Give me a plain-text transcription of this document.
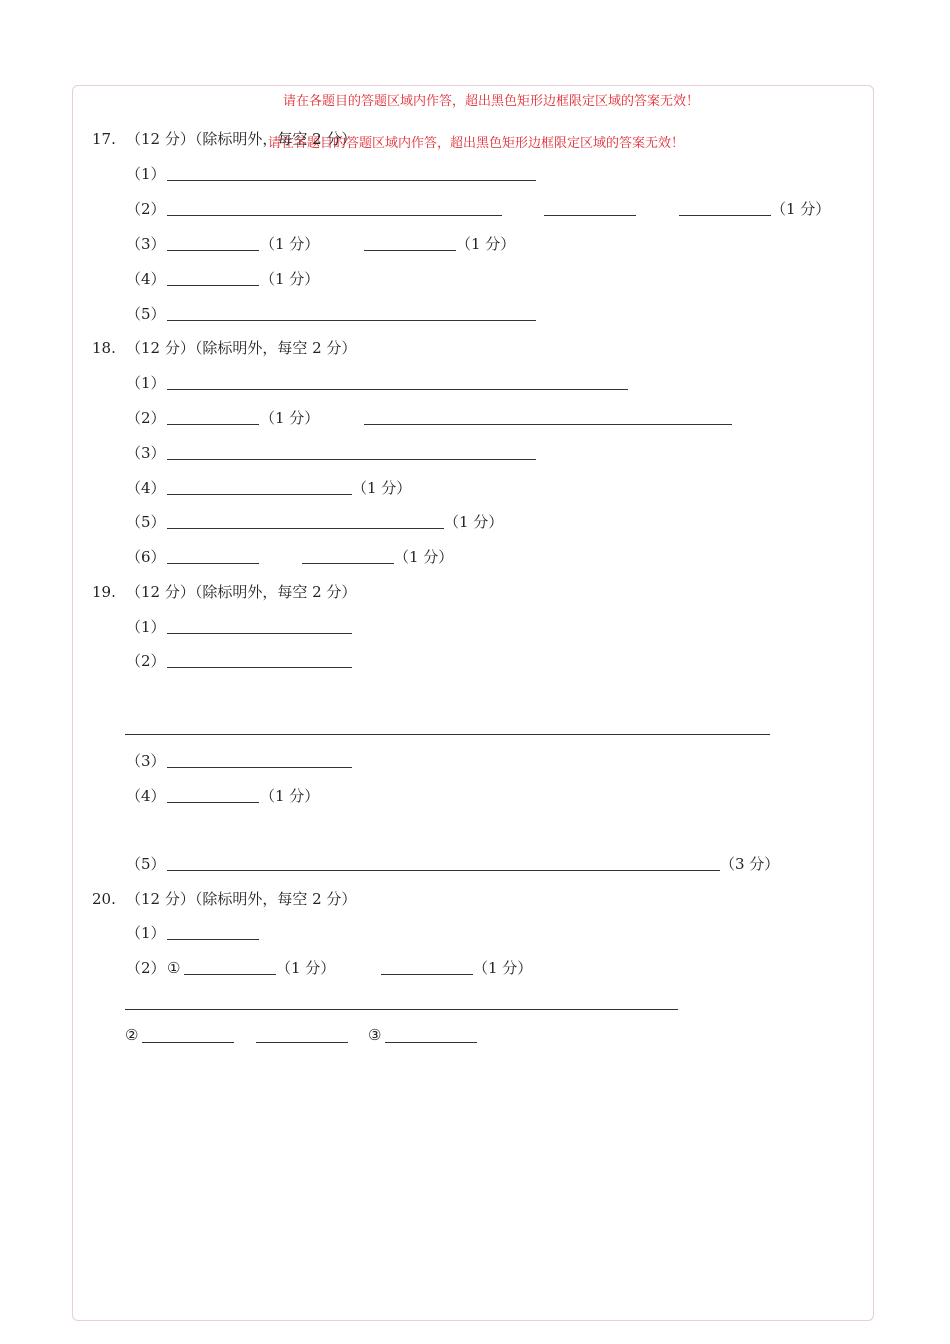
请在各题目的答题区域内作答，超出黑色矩形边框限定区域的答案无效！
请在各题目的答题区域内作答，超出黑色矩形边框限定区域的答案无效！
17. （12 分）（除标明外，每空 2 分）
（1）
（2）	（1 分）
（3）	（1 分）	（1 分）
（4）	（1 分）
（5）
18. （12 分）（除标明外，每空 2 分）
（1）
（2）	（1 分）
（3）
（4）	（1 分）
（5）	（1 分）
（6）	（1 分）
19. （12 分）（除标明外，每空 2 分）
（1）
（2）
（3）
（4）	（1 分）
（5）	（3 分）
20. （12 分）（除标明外，每空 2 分）
（1）
（2） ①	（1 分）	（1 分）
②	③
